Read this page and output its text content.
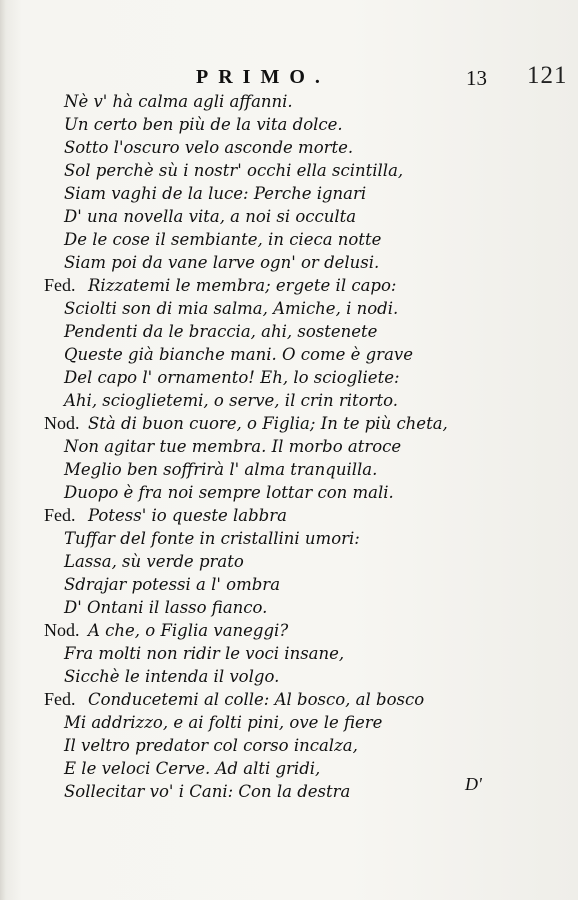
PRIMO.	13 121
Nè v' hà calma agli affanni.
Un certo ben più de la vita dolce.
Sotto l'oscuro velo asconde morte.
Sol perchè sù i nostr' occhi ella scintilla,
Siam vaghi de la luce: Perche ignari
D' una novella vita, a noi si occulta
De le cose il sembiante, in cieca notte
Siam poi da vane larve ogn' or delusi.
Fed. Rizzatemi le membra; ergete il capo:
Sciolti son di mia salma, Amiche, i nodi.
Pendenti da le braccia, ahi, sostenete
Queste già bianche mani. O come è grave
Del capo l' ornamento! Eh, lo sciogliete:
Ahi, scioglietemi, o serve, il crin ritorto.
Nod. Stà di buon cuore, o Figlia; In te più cheta,
Non agitar tue membra. Il morbo atroce
Meglio ben soffrirà l' alma tranquilla.
Duopo è fra noi sempre lottar con mali.
Fed. Potess' io queste labbra
Tuffar del fonte in cristallini umori:
Lassa, sù verde prato
Sdrajar potessi a l' ombra
D' Ontani il lasso fianco.
Nod. A che, o Figlia vaneggi?
Fra molti non ridir le voci insane,
Sicchè le intenda il volgo.
Fed. Conducetemi al colle: Al bosco, al bosco
Mi addrizzo, e ai folti pini, ove le fiere
Il veltro predator col corso incalza,
E le veloci Cerve. Ad alti gridi,
Sollecitar vo' i Cani: Con la destra	D'
